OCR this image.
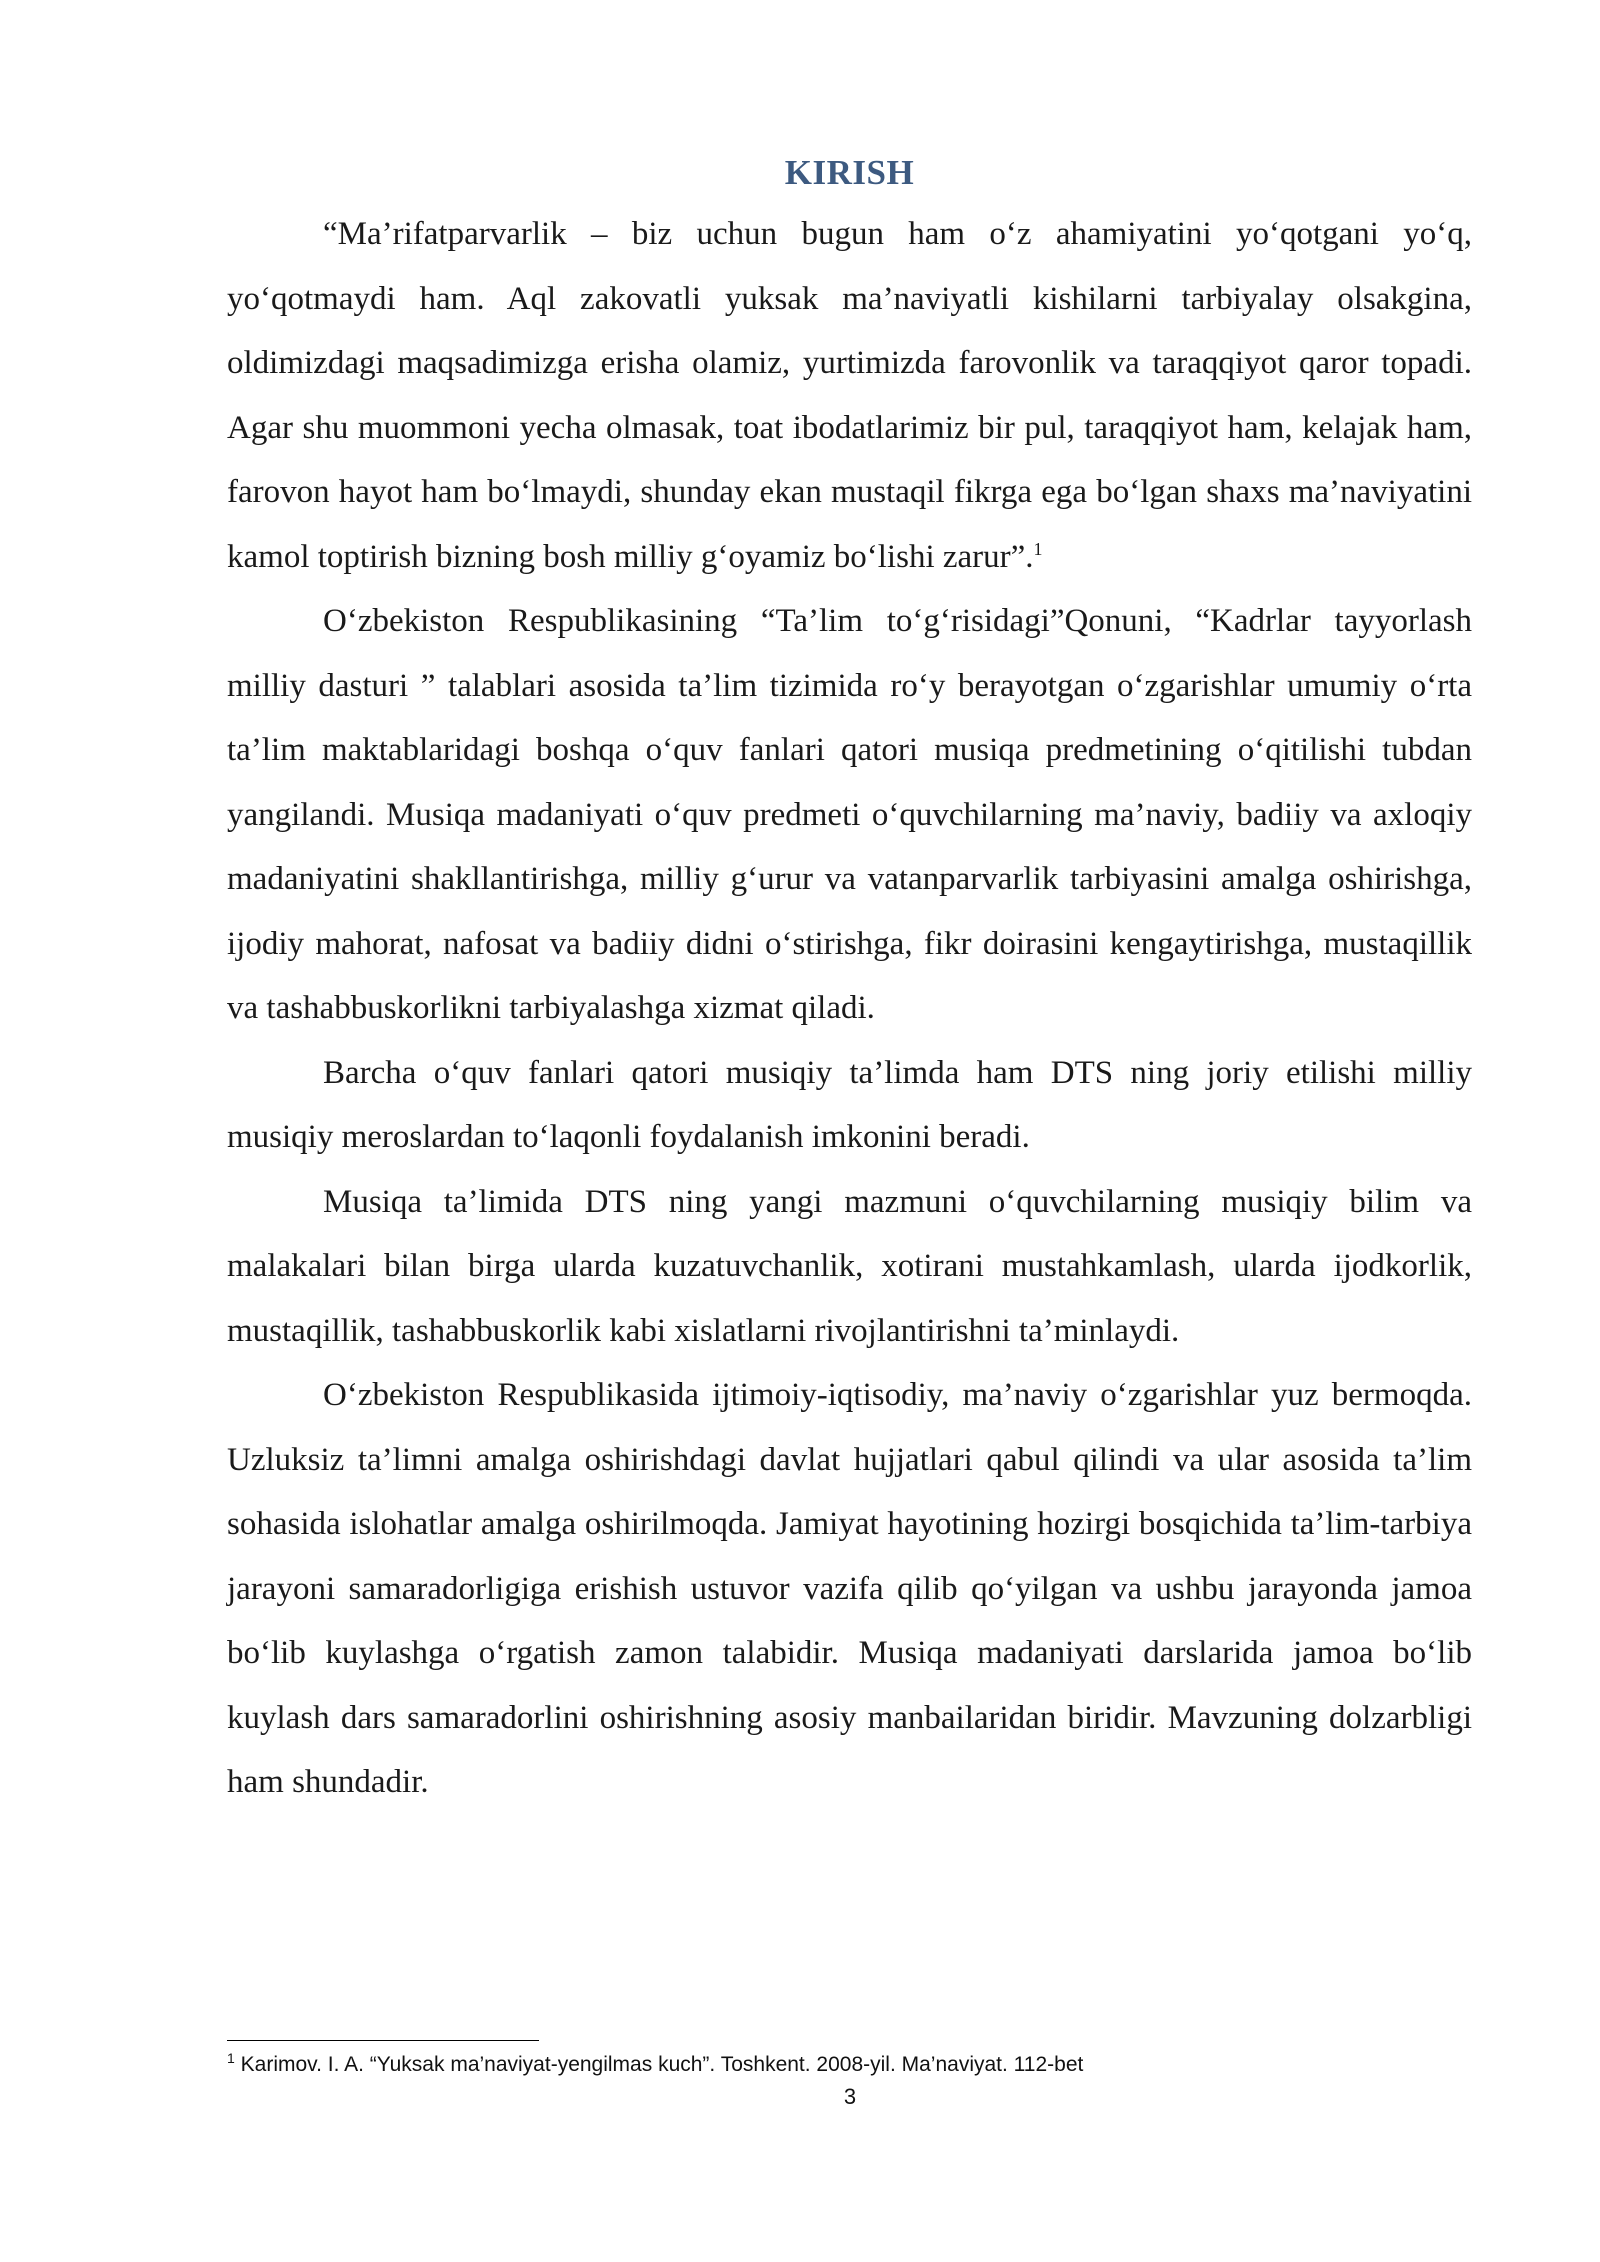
KIRISH

“Ma’rifatparvarlik – biz uchun bugun ham o‘z ahamiyatini yo‘qotgani yo‘q, yo‘qotmaydi ham. Aql zakovatli yuksak ma’naviyatli kishilarni tarbiyalay olsakgina, oldimizdagi maqsadimizga erisha olamiz, yurtimizda farovonlik va taraqqiyot qaror topadi. Agar shu muommoni yecha olmasak, toat ibodatlarimiz bir pul, taraqqiyot ham, kelajak ham, farovon hayot ham bo‘lmaydi, shunday ekan mustaqil fikrga ega bo‘lgan shaxs ma’naviyatini kamol toptirish bizning bosh milliy g‘oyamiz bo‘lishi zarur”.$^1$

O‘zbekiston Respublikasining “Ta’lim to‘g‘risidagi”Qonuni, “Kadrlar tayyorlash milliy dasturi ” talablari asosida ta’lim tizimida ro‘y berayotgan o‘zgarishlar umumiy o‘rta ta’lim maktablaridagi boshqa o‘quv fanlari qatori musiqa predmetining o‘qitilishi tubdan yangilandi. Musiqa madaniyati o‘quv predmeti o‘quvchilarning ma’naviy, badiiy va axloqiy madaniyatini shakllantirishga, milliy g‘urur va vatanparvarlik tarbiyasini amalga oshirishga, ijodiy mahorat, nafosat va badiiy didni o‘stirishga, fikr doirasini kengaytirishga, mustaqillik va tashabbuskorlikni tarbiyalashga xizmat qiladi.

Barcha o‘quv fanlari qatori musiqiy ta’limda ham DTS ning joriy etilishi milliy musiqiy meroslardan to‘laqonli foydalanish imkonini beradi.

Musiqa ta’limida DTS ning yangi mazmuni o‘quvchilarning musiqiy bilim va malakalari bilan birga ularda kuzatuvchanlik, xotirani mustahkamlash, ularda ijodkorlik, mustaqillik, tashabbuskorlik kabi xislatlarni rivojlantirishni ta’minlaydi.

O‘zbekiston Respublikasida ijtimoiy-iqtisodiy, ma’naviy o‘zgarishlar yuz bermoqda. Uzluksiz ta’limni amalga oshirishdagi davlat hujjatlari qabul qilindi va ular asosida ta’lim sohasida islohatlar amalga oshirilmoqda. Jamiyat hayotining hozirgi bosqichida ta’lim-tarbiya jarayoni samaradorligiga erishish ustuvor vazifa qilib qo‘yilgan va ushbu jarayonda jamoa bo‘lib kuylashga o‘rgatish zamon talabidir. Musiqa madaniyati darslarida jamoa bo‘lib kuylash dars samaradorlini oshirishning asosiy manbailaridan biridir. Mavzuning dolzarbligi ham shundadir.

$^1$ Karimov. I. A. “Yuksak ma’naviyat-yengilmas kuch”. Toshkent. 2008-yil. Ma’naviyat. 112-bet
3
